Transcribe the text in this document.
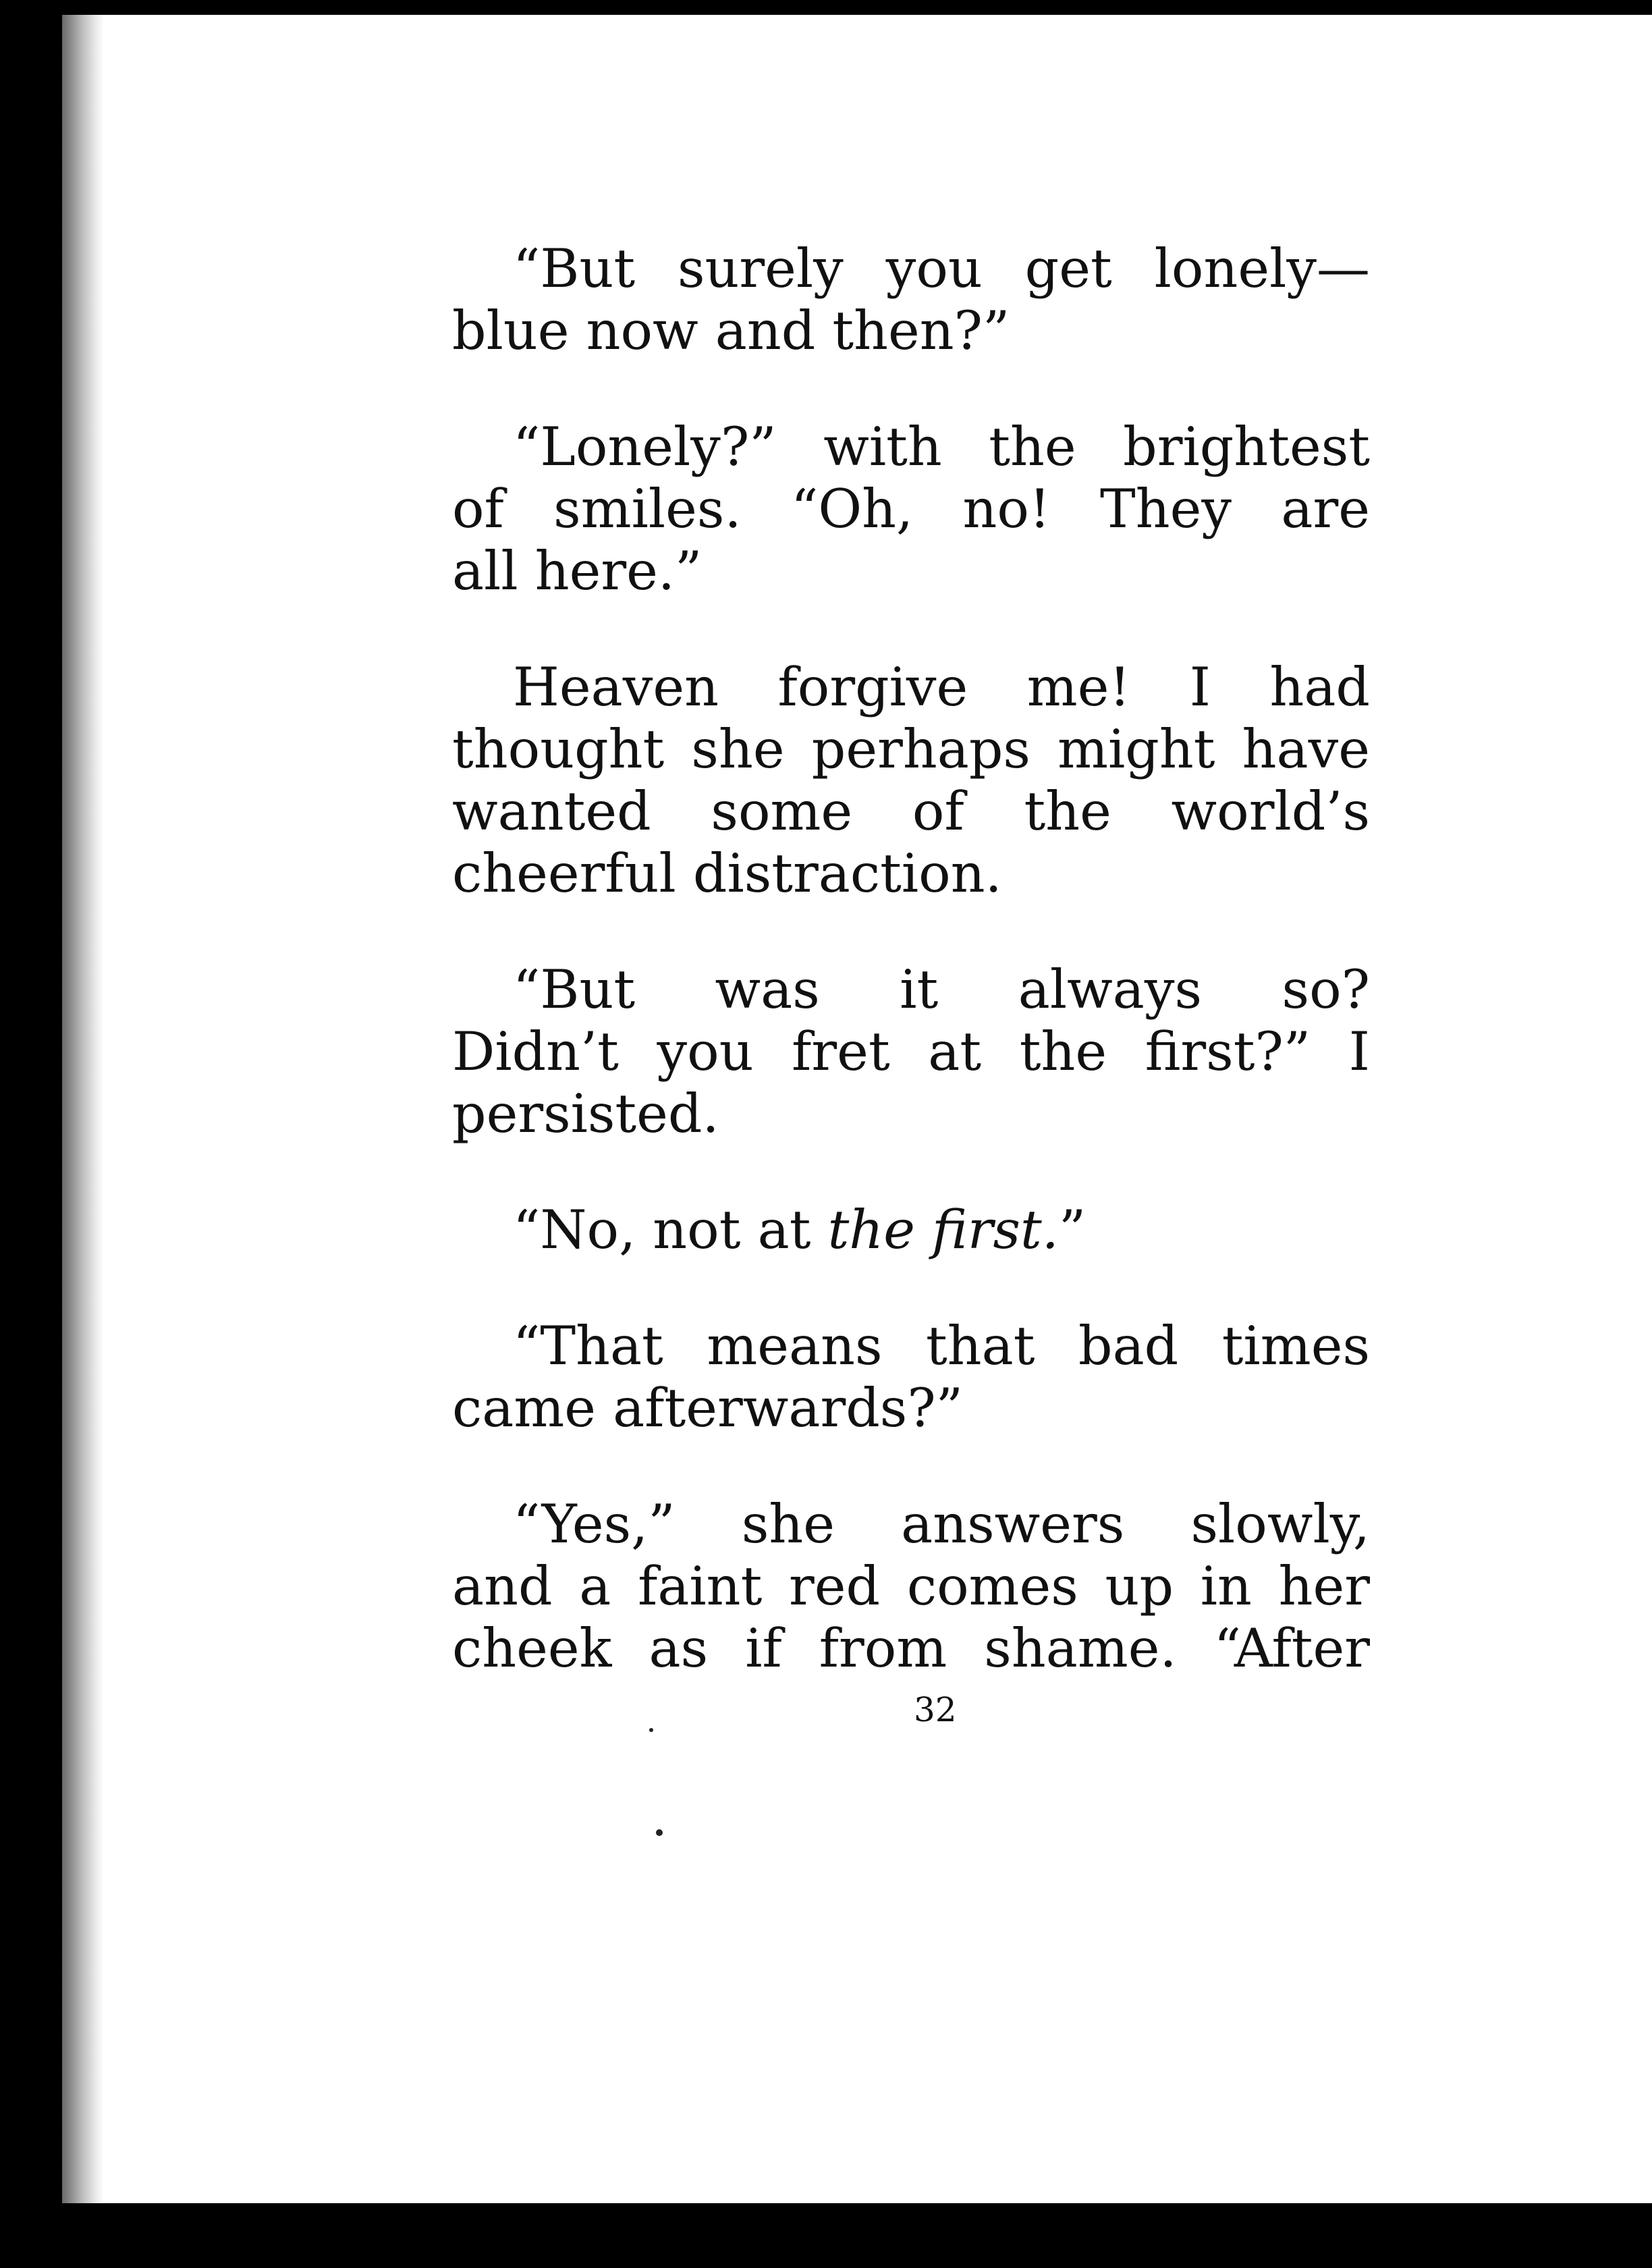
“But surely you get lonely—
blue now and then?”

“Lonely?” with the brightest
of smiles. “Oh, no! They are
all here.”

Heaven forgive me! I had
thought she perhaps might have
wanted some of the world’s
cheerful distraction.

“But was it always so?
Didn’t you fret at the first?” I
persisted.

“No, not at the first.”

“That means that bad times
came afterwards?”

“Yes,” she answers slowly,
and a faint red comes up in her
cheek as if from shame. “After

32
